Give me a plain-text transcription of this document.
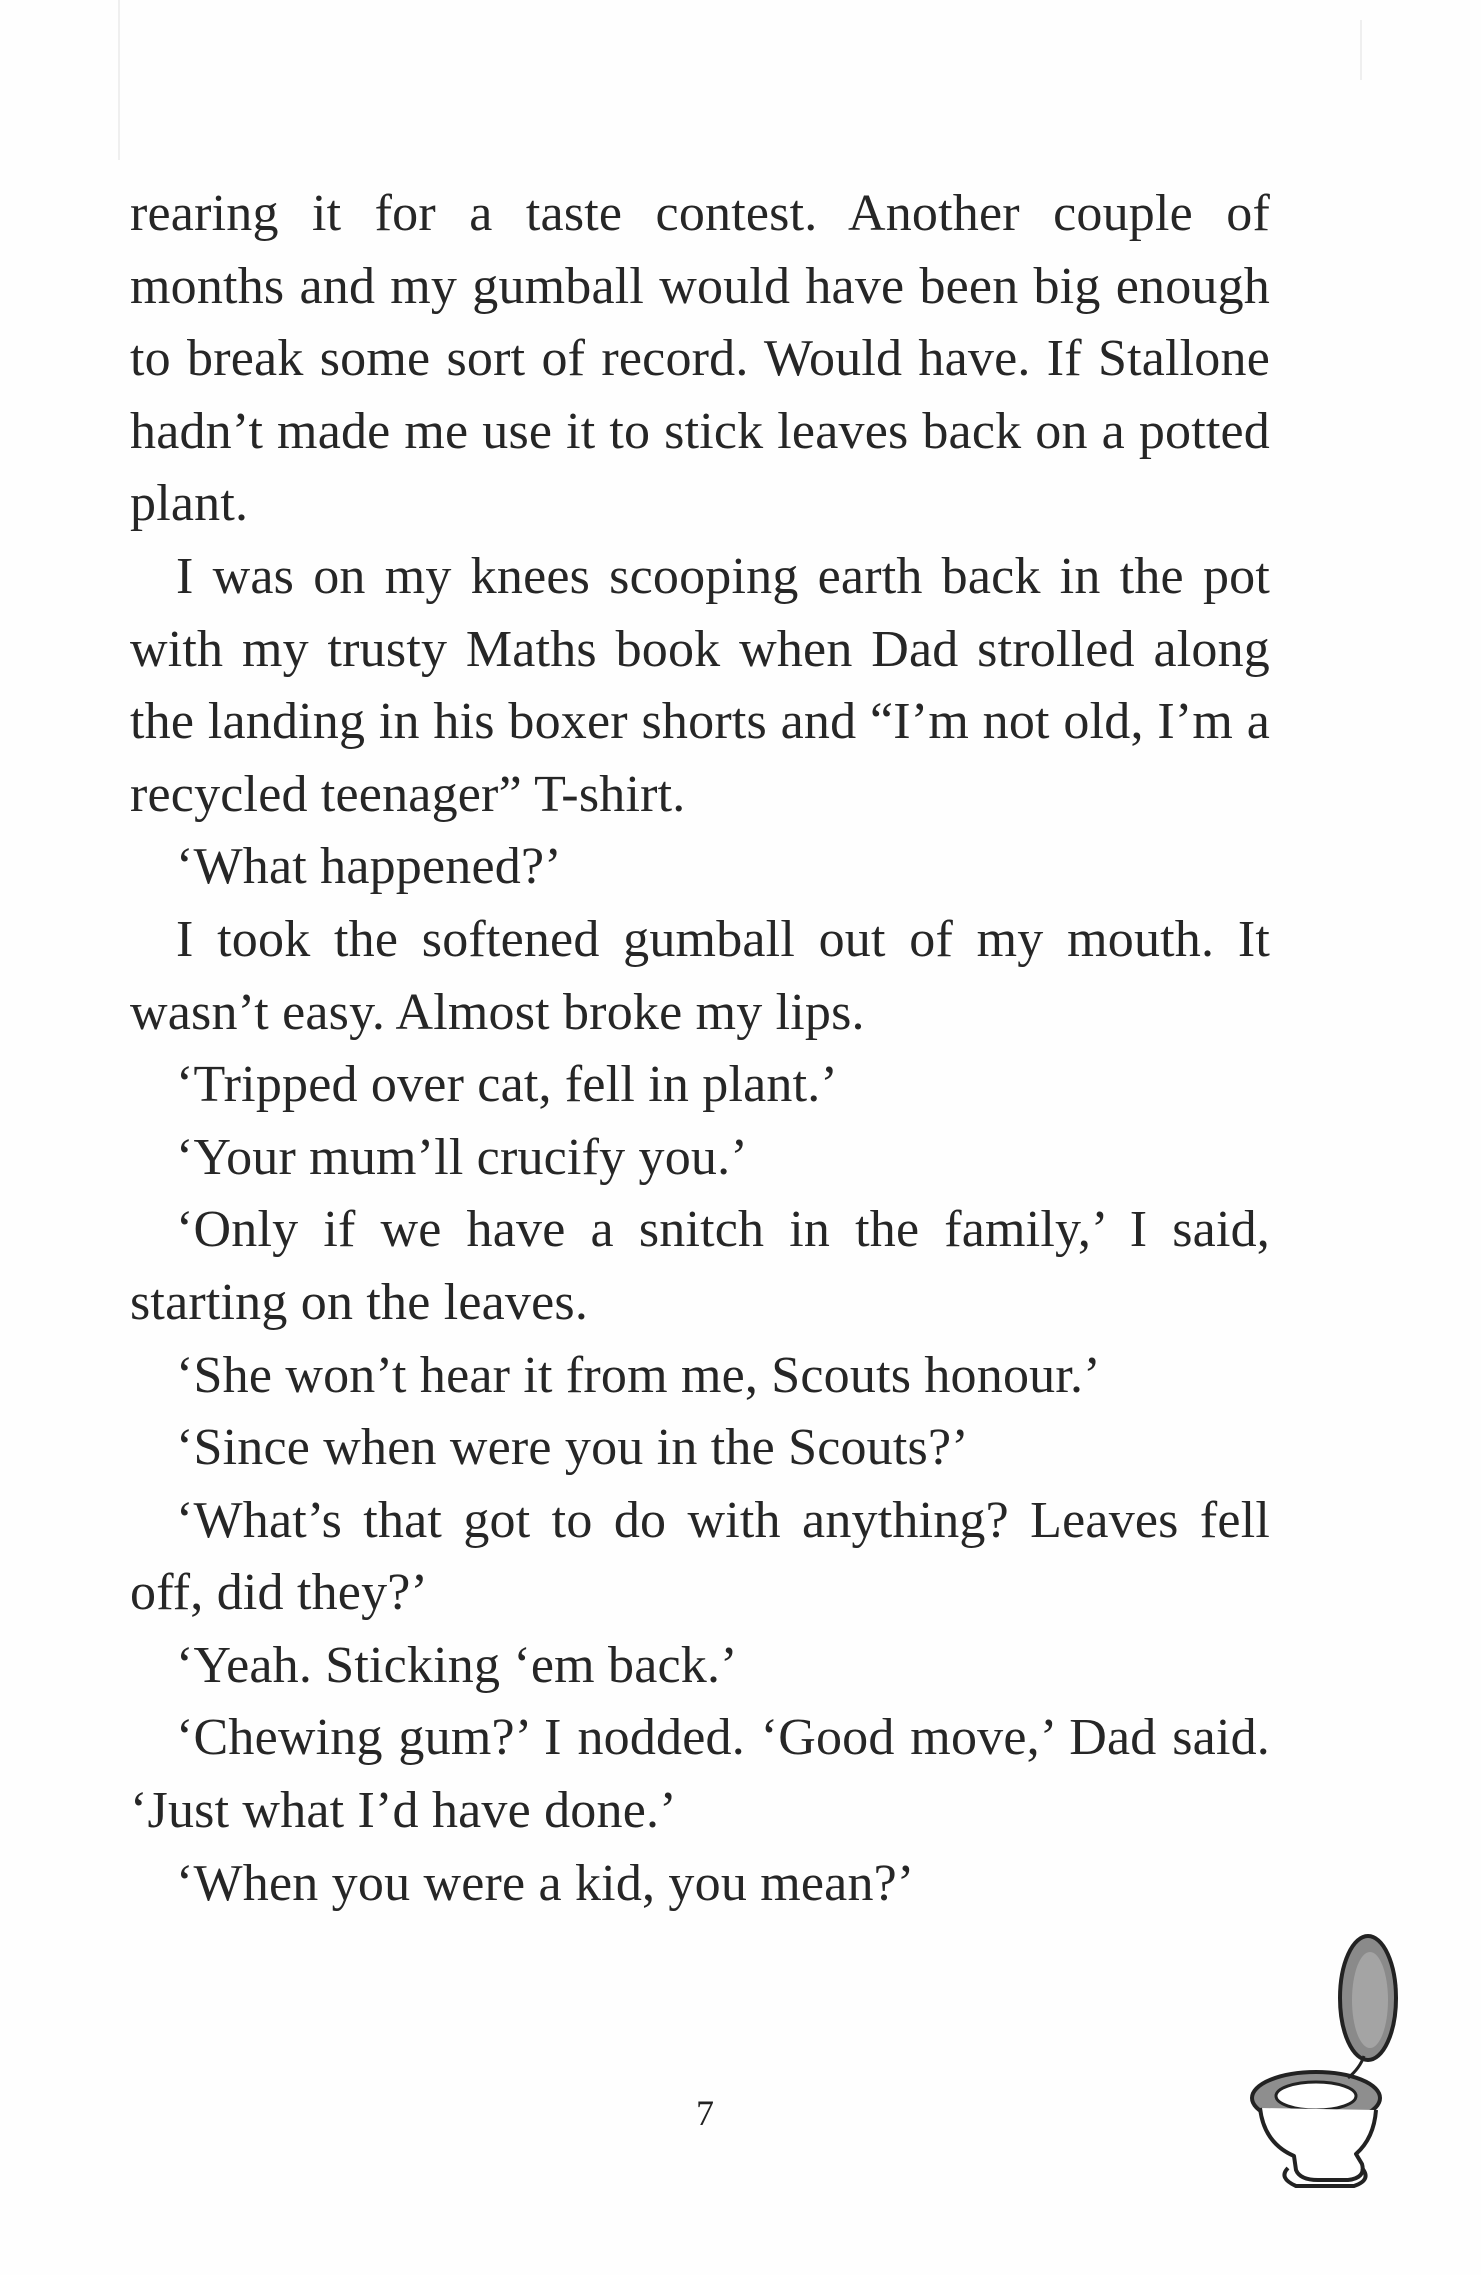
rearing it for a taste contest. Another couple of months and my gumball would have been big enough to break some sort of record. Would have. If Stallone hadn’t made me use it to stick leaves back on a potted plant.

I was on my knees scooping earth back in the pot with my trusty Maths book when Dad strolled along the landing in his boxer shorts and “I’m not old, I’m a recycled teenager” T-shirt.

‘What happened?’

I took the softened gumball out of my mouth. It wasn’t easy. Almost broke my lips.

‘Tripped over cat, fell in plant.’

‘Your mum’ll crucify you.’

‘Only if we have a snitch in the family,’ I said, starting on the leaves.

‘She won’t hear it from me, Scouts honour.’

‘Since when were you in the Scouts?’

‘What’s that got to do with anything? Leaves fell off, did they?’

‘Yeah. Sticking ‘em back.’

‘Chewing gum?’ I nodded. ‘Good move,’ Dad said. ‘Just what I’d have done.’

‘When you were a kid, you mean?’

7
